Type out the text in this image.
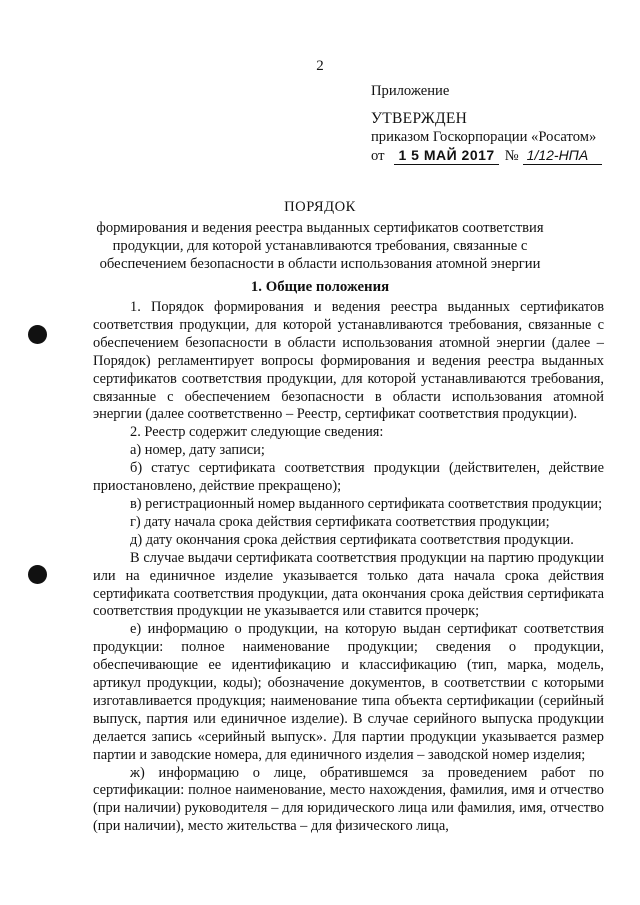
2
Приложение
УТВЕРЖДЕН
приказом Госкорпорации «Росатом»
от 1 5 МАЙ 2017 № 1/12-НПА
ПОРЯДОК
формирования и ведения реестра выданных сертификатов соответствия продукции, для которой устанавливаются требования, связанные с обеспечением безопасности в области использования атомной энергии
1. Общие положения

1. Порядок формирования и ведения реестра выданных сертификатов соответствия продукции, для которой устанавливаются требования, связанные с обеспечением безопасности в области использования атомной энергии (далее – Порядок) регламентирует вопросы формирования и ведения реестра выданных сертификатов соответствия продукции, для которой устанавливаются требования, связанные с обеспечением безопасности в области использования атомной энергии (далее соответственно – Реестр, сертификат соответствия продукции).

2. Реестр содержит следующие сведения:

а) номер, дату записи;

б) статус сертификата соответствия продукции (действителен, действие приостановлено, действие прекращено);

в) регистрационный номер выданного сертификата соответствия продукции;

г) дату начала срока действия сертификата соответствия продукции;

д) дату окончания срока действия сертификата соответствия продукции.

В случае выдачи сертификата соответствия продукции на партию продукции или на единичное изделие указывается только дата начала срока действия сертификата соответствия продукции, дата окончания срока действия сертификата соответствия продукции не указывается или ставится прочерк;

е) информацию о продукции, на которую выдан сертификат соответствия продукции: полное наименование продукции; сведения о продукции, обеспечивающие ее идентификацию и классификацию (тип, марка, модель, артикул продукции, коды); обозначение документов, в соответствии с которыми изготавливается продукция; наименование типа объекта сертификации (серийный выпуск, партия или единичное изделие). В случае серийного выпуска продукции делается запись «серийный выпуск». Для партии продукции указывается размер партии и заводские номера, для единичного изделия – заводской номер изделия;

ж) информацию о лице, обратившемся за проведением работ по сертификации: полное наименование, место нахождения, фамилия, имя и отчество (при наличии) руководителя – для юридического лица или фамилия, имя, отчество (при наличии), место жительства – для физического лица,
